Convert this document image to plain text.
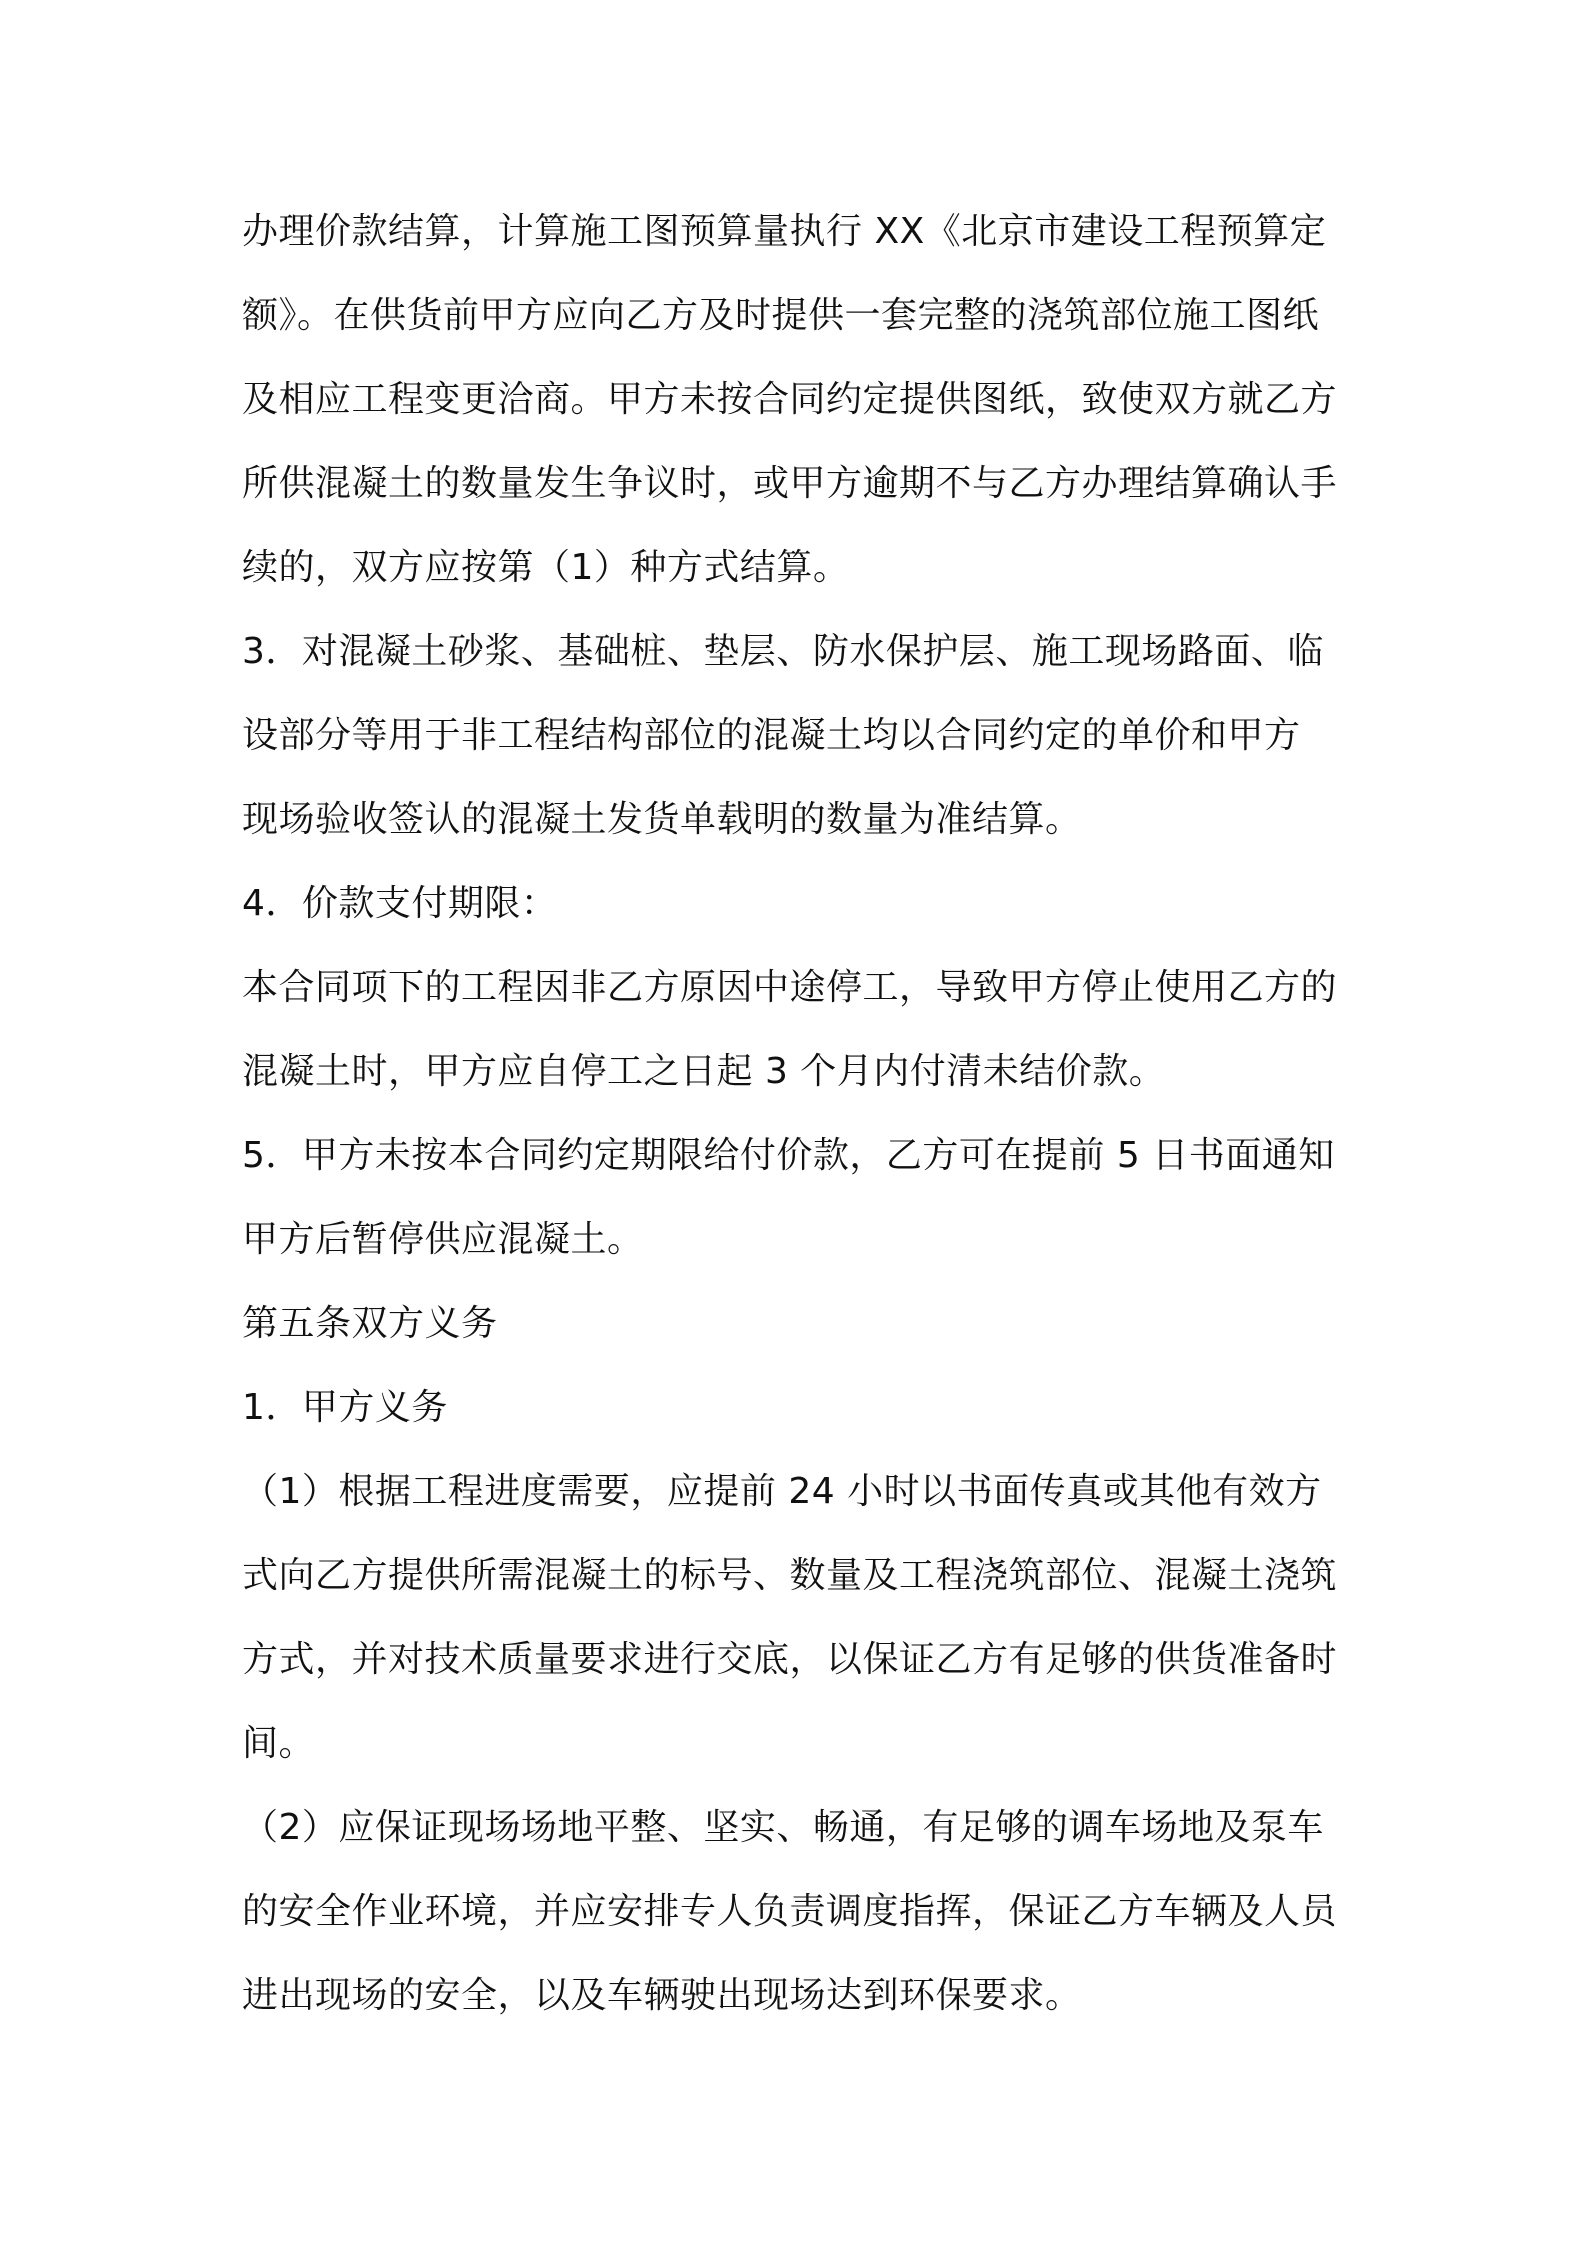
办理价款结算，计算施工图预算量执行 XX《北京市建设工程预算定
额》。在供货前甲方应向乙方及时提供一套完整的浇筑部位施工图纸
及相应工程变更洽商。甲方未按合同约定提供图纸，致使双方就乙方
所供混凝土的数量发生争议时，或甲方逾期不与乙方办理结算确认手
续的，双方应按第（1）种方式结算。
3．对混凝土砂浆、基础桩、垫层、防水保护层、施工现场路面、临
设部分等用于非工程结构部位的混凝土均以合同约定的单价和甲方
现场验收签认的混凝土发货单载明的数量为准结算。
4．价款支付期限：
本合同项下的工程因非乙方原因中途停工，导致甲方停止使用乙方的
混凝土时，甲方应自停工之日起 3 个月内付清未结价款。
5．甲方未按本合同约定期限给付价款，乙方可在提前 5 日书面通知
甲方后暂停供应混凝土。
第五条双方义务
1．甲方义务
（1）根据工程进度需要，应提前 24 小时以书面传真或其他有效方
式向乙方提供所需混凝土的标号、数量及工程浇筑部位、混凝土浇筑
方式，并对技术质量要求进行交底，以保证乙方有足够的供货准备时
间。
（2）应保证现场场地平整、坚实、畅通，有足够的调车场地及泵车
的安全作业环境，并应安排专人负责调度指挥，保证乙方车辆及人员
进出现场的安全，以及车辆驶出现场达到环保要求。
